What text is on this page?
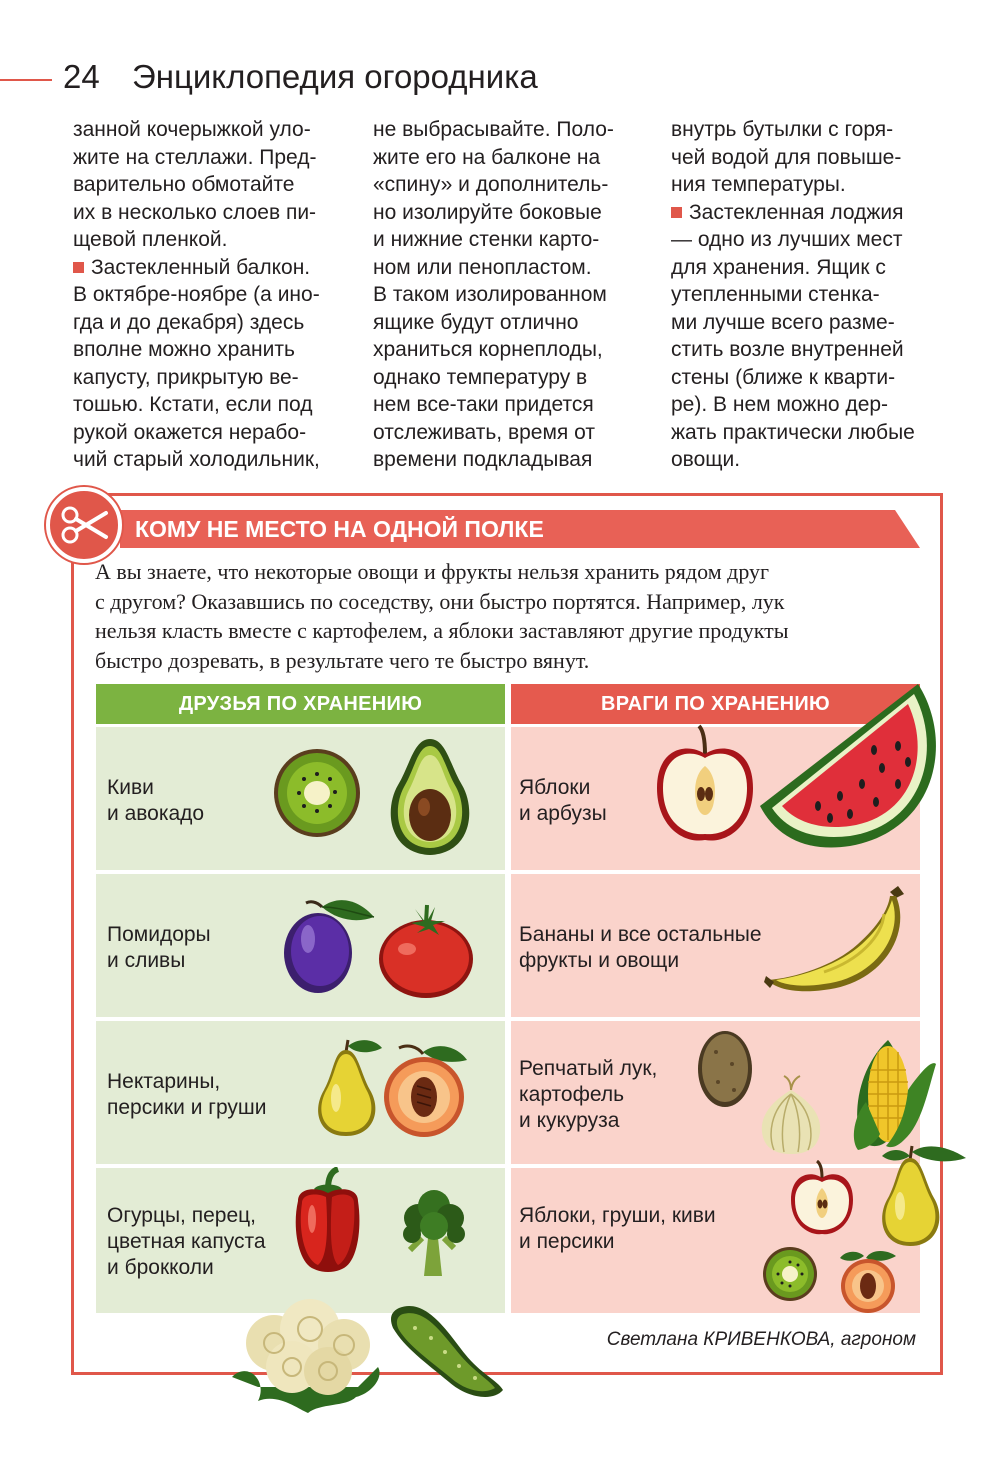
24 Энциклопедия огородника

занной кочерыжкой уло-

жите на стеллажи. Пред-

варительно обмотайте

их в несколько слоев пи-

щевой пленкой.

Застекленный балкон.

В октябре-ноябре (а ино-

гда и до декабря) здесь

вполне можно хранить

капусту, прикрытую ве-

тошью. Кстати, если под

рукой окажется нерабо-

чий старый холодильник,

не выбрасывайте. Поло-

жите его на балконе на

«спину» и дополнитель-

но изолируйте боковые

и нижние стенки карто-

ном или пенопластом.

В таком изолированном

ящике будут отлично

храниться корнеплоды,

однако температуру в

нем все-таки придется

отслеживать, время от

времени подкладывая

внутрь бутылки с горя-

чей водой для повыше-

ния температуры.

Застекленная лоджия

— одно из лучших мест

для хранения. Ящик с

утепленными стенка-

ми лучше всего разме-

стить возле внутренней

стены (ближе к кварти-

ре). В нем можно дер-

жать практически любые

овощи.

КОМУ НЕ МЕСТО НА ОДНОЙ ПОЛКЕ

А вы знаете, что некоторые овощи и фрукты нельзя хранить рядом друг

с другом? Оказавшись по соседству, они быстро портятся. Например, лук

нельзя класть вместе с картофелем, а яблоки заставляют другие продукты

быстро дозревать, в результате чего те быстро вянут.

ДРУЗЬЯ ПО ХРАНЕНИЮ	ВРАГИ ПО ХРАНЕНИЮ

Киви

и авокадо

Помидоры

и сливы

Нектарины,

персики и груши

Огурцы, перец,

цветная капуста

и брокколи

Яблоки

и арбузы

Бананы и все остальные

фрукты и овощи

Репчатый лук,

картофель

и кукуруза

Яблоки, груши, киви

и персики

Светлана КРИВЕНКОВА, агроном
